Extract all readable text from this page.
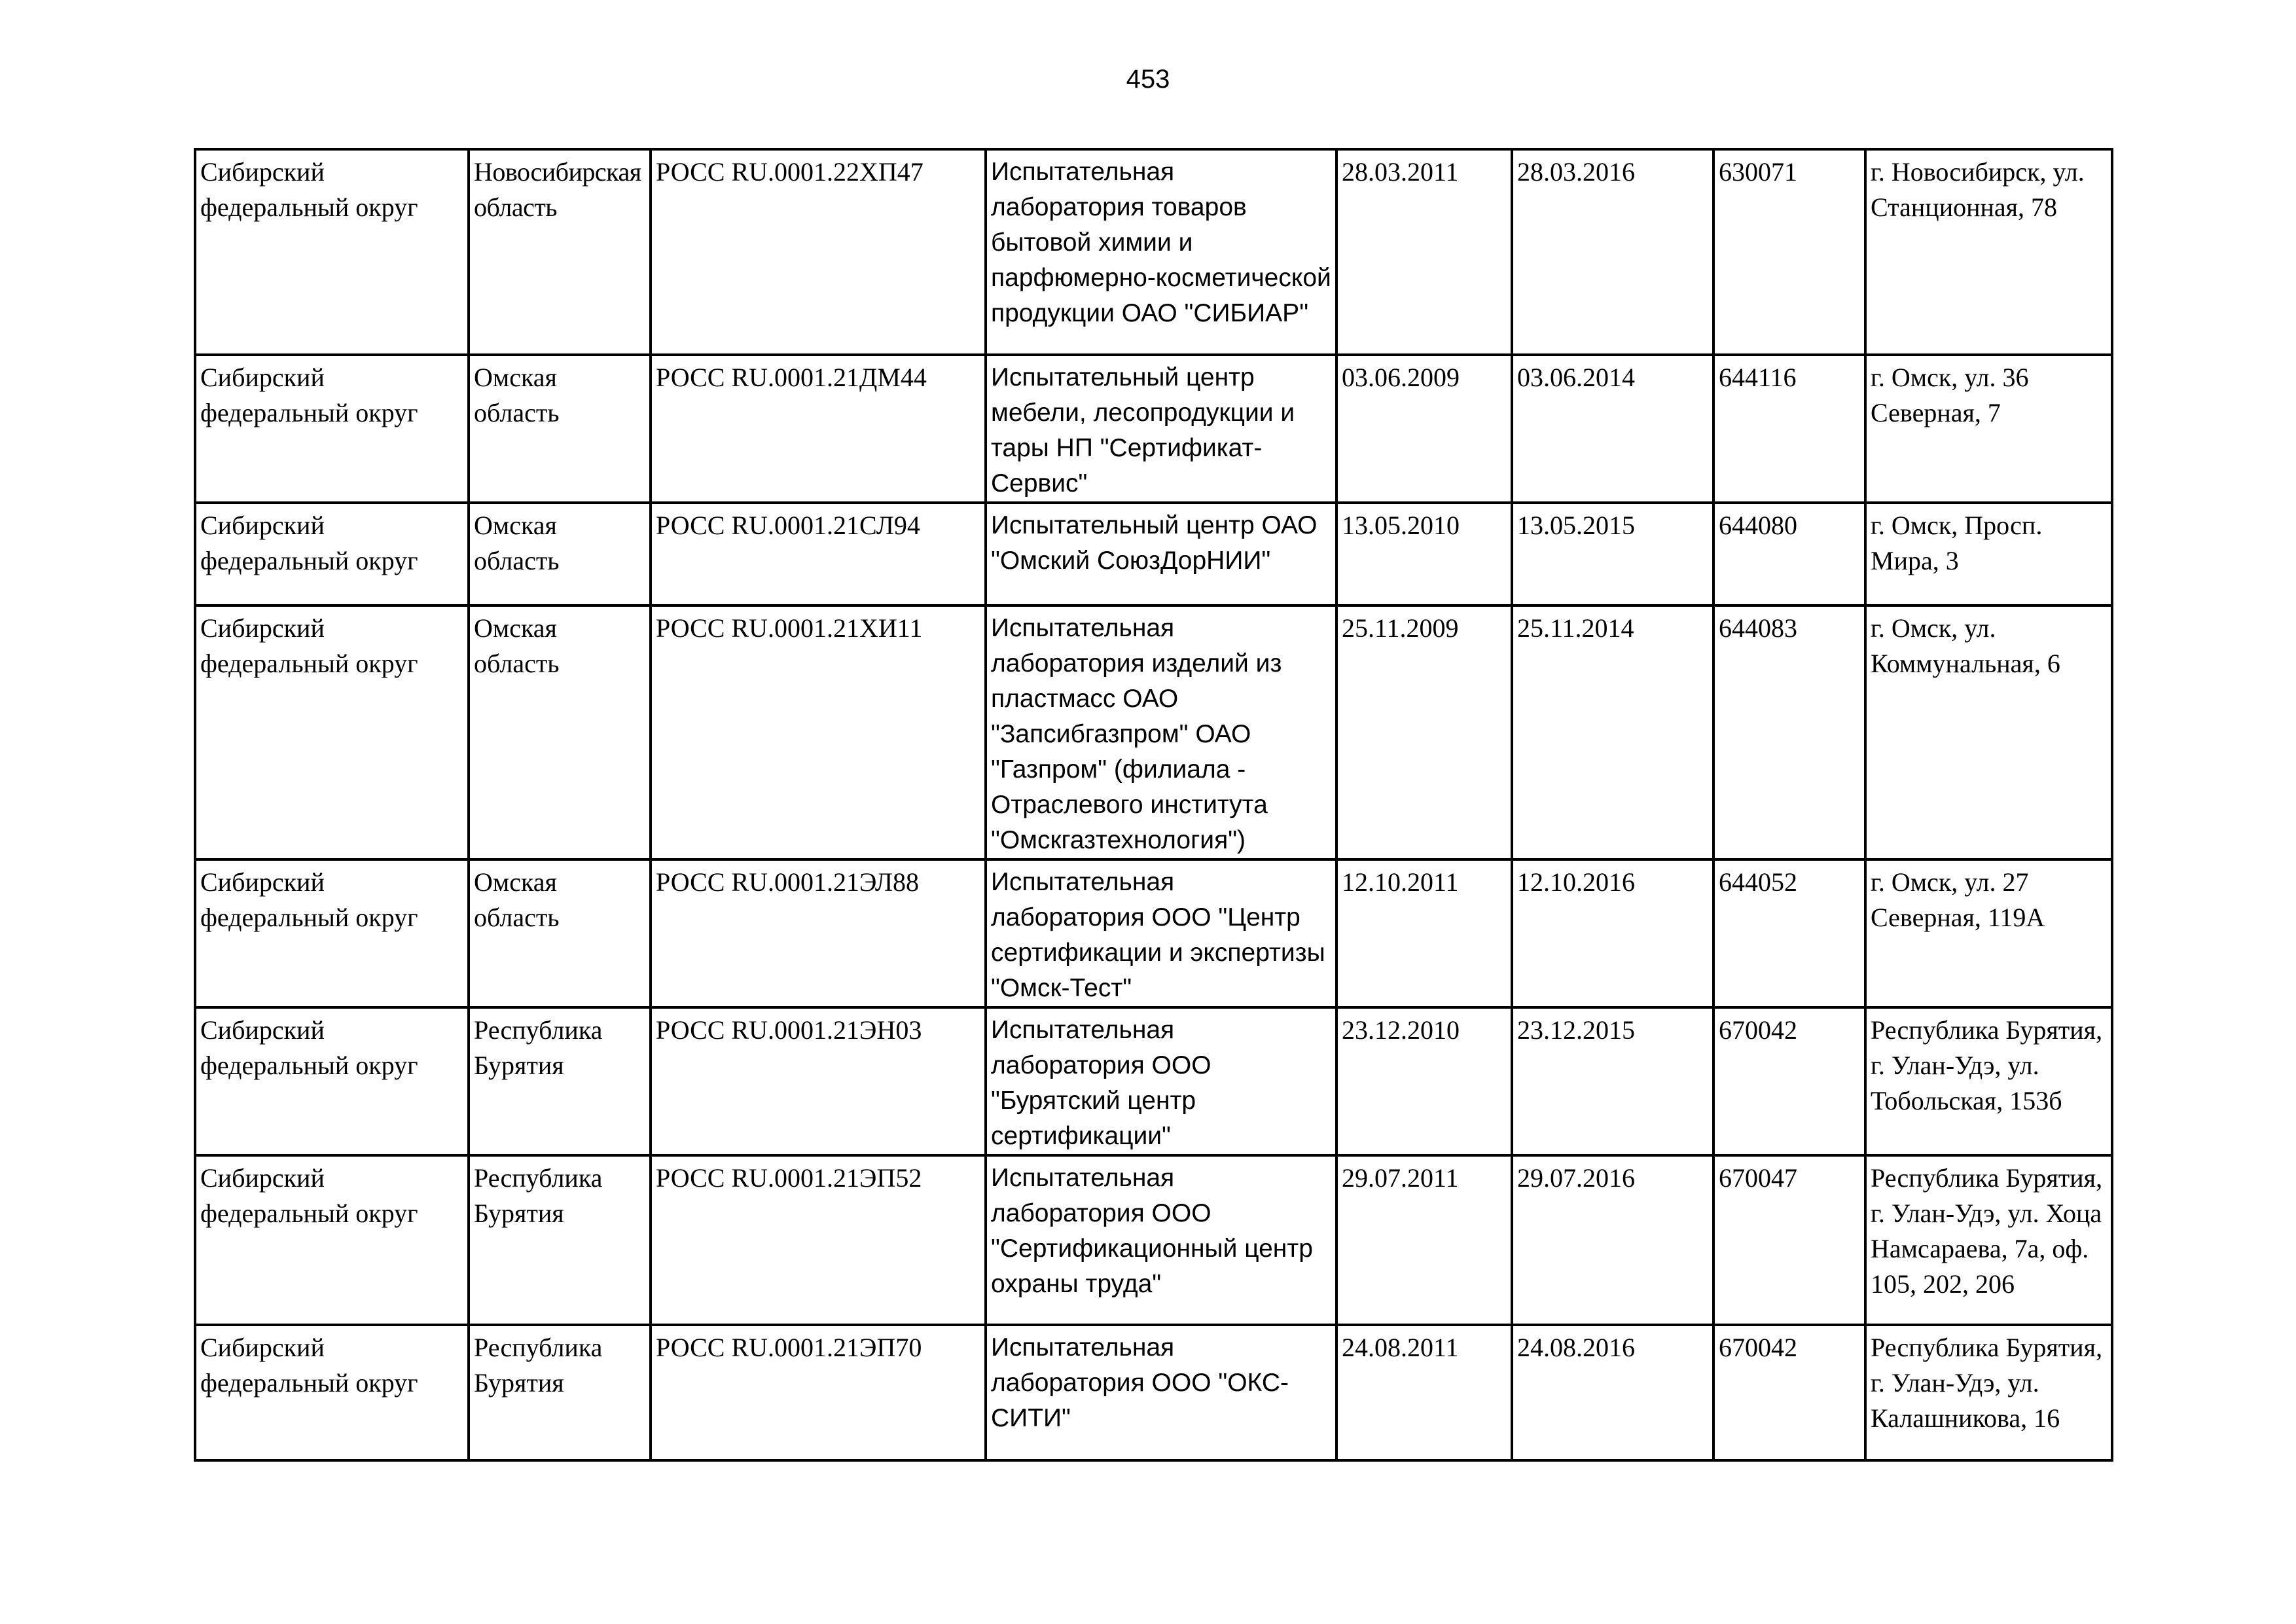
453
Сибирский федеральный округ	Новосибирская область	РОСС RU.0001.22ХП47	Испытательная лаборатория товаров бытовой химии и парфюмерно-косметической продукции ОАО "СИБИАР"	28.03.2011	28.03.2016	630071	г. Новосибирск, ул. Станционная, 78
Сибирский федеральный округ	Омская область	РОСС RU.0001.21ДМ44	Испытательный центр мебели, лесопродукции и тары НП "Сертификат-Сервис"	03.06.2009	03.06.2014	644116	г. Омск, ул. 36 Северная, 7
Сибирский федеральный округ	Омская область	РОСС RU.0001.21СЛ94	Испытательный центр ОАО "Омский СоюзДорНИИ"	13.05.2010	13.05.2015	644080	г. Омск, Просп. Мира, 3
Сибирский федеральный округ	Омская область	РОСС RU.0001.21ХИ11	Испытательная лаборатория изделий из пластмасс ОАО "Запсибгазпром" ОАО "Газпром" (филиала - Отраслевого института "Омскгазтехнология")	25.11.2009	25.11.2014	644083	г. Омск, ул. Коммунальная, 6
Сибирский федеральный округ	Омская область	РОСС RU.0001.21ЭЛ88	Испытательная лаборатория ООО "Центр сертификации и экспертизы "Омск-Тест"	12.10.2011	12.10.2016	644052	г. Омск, ул. 27 Северная, 119А
Сибирский федеральный округ	Республика Бурятия	РОСС RU.0001.21ЭН03	Испытательная лаборатория ООО "Бурятский центр сертификации"	23.12.2010	23.12.2015	670042	Республика Бурятия, г. Улан-Удэ, ул. Тобольская, 153б
Сибирский федеральный округ	Республика Бурятия	РОСС RU.0001.21ЭП52	Испытательная лаборатория ООО "Сертификационный центр охраны труда"	29.07.2011	29.07.2016	670047	Республика Бурятия, г. Улан-Удэ, ул. Хоца Намсараева, 7а, оф. 105, 202, 206
Сибирский федеральный округ	Республика Бурятия	РОСС RU.0001.21ЭП70	Испытательная лаборатория ООО "ОКС-СИТИ"	24.08.2011	24.08.2016	670042	Республика Бурятия, г. Улан-Удэ, ул. Калашникова, 16
